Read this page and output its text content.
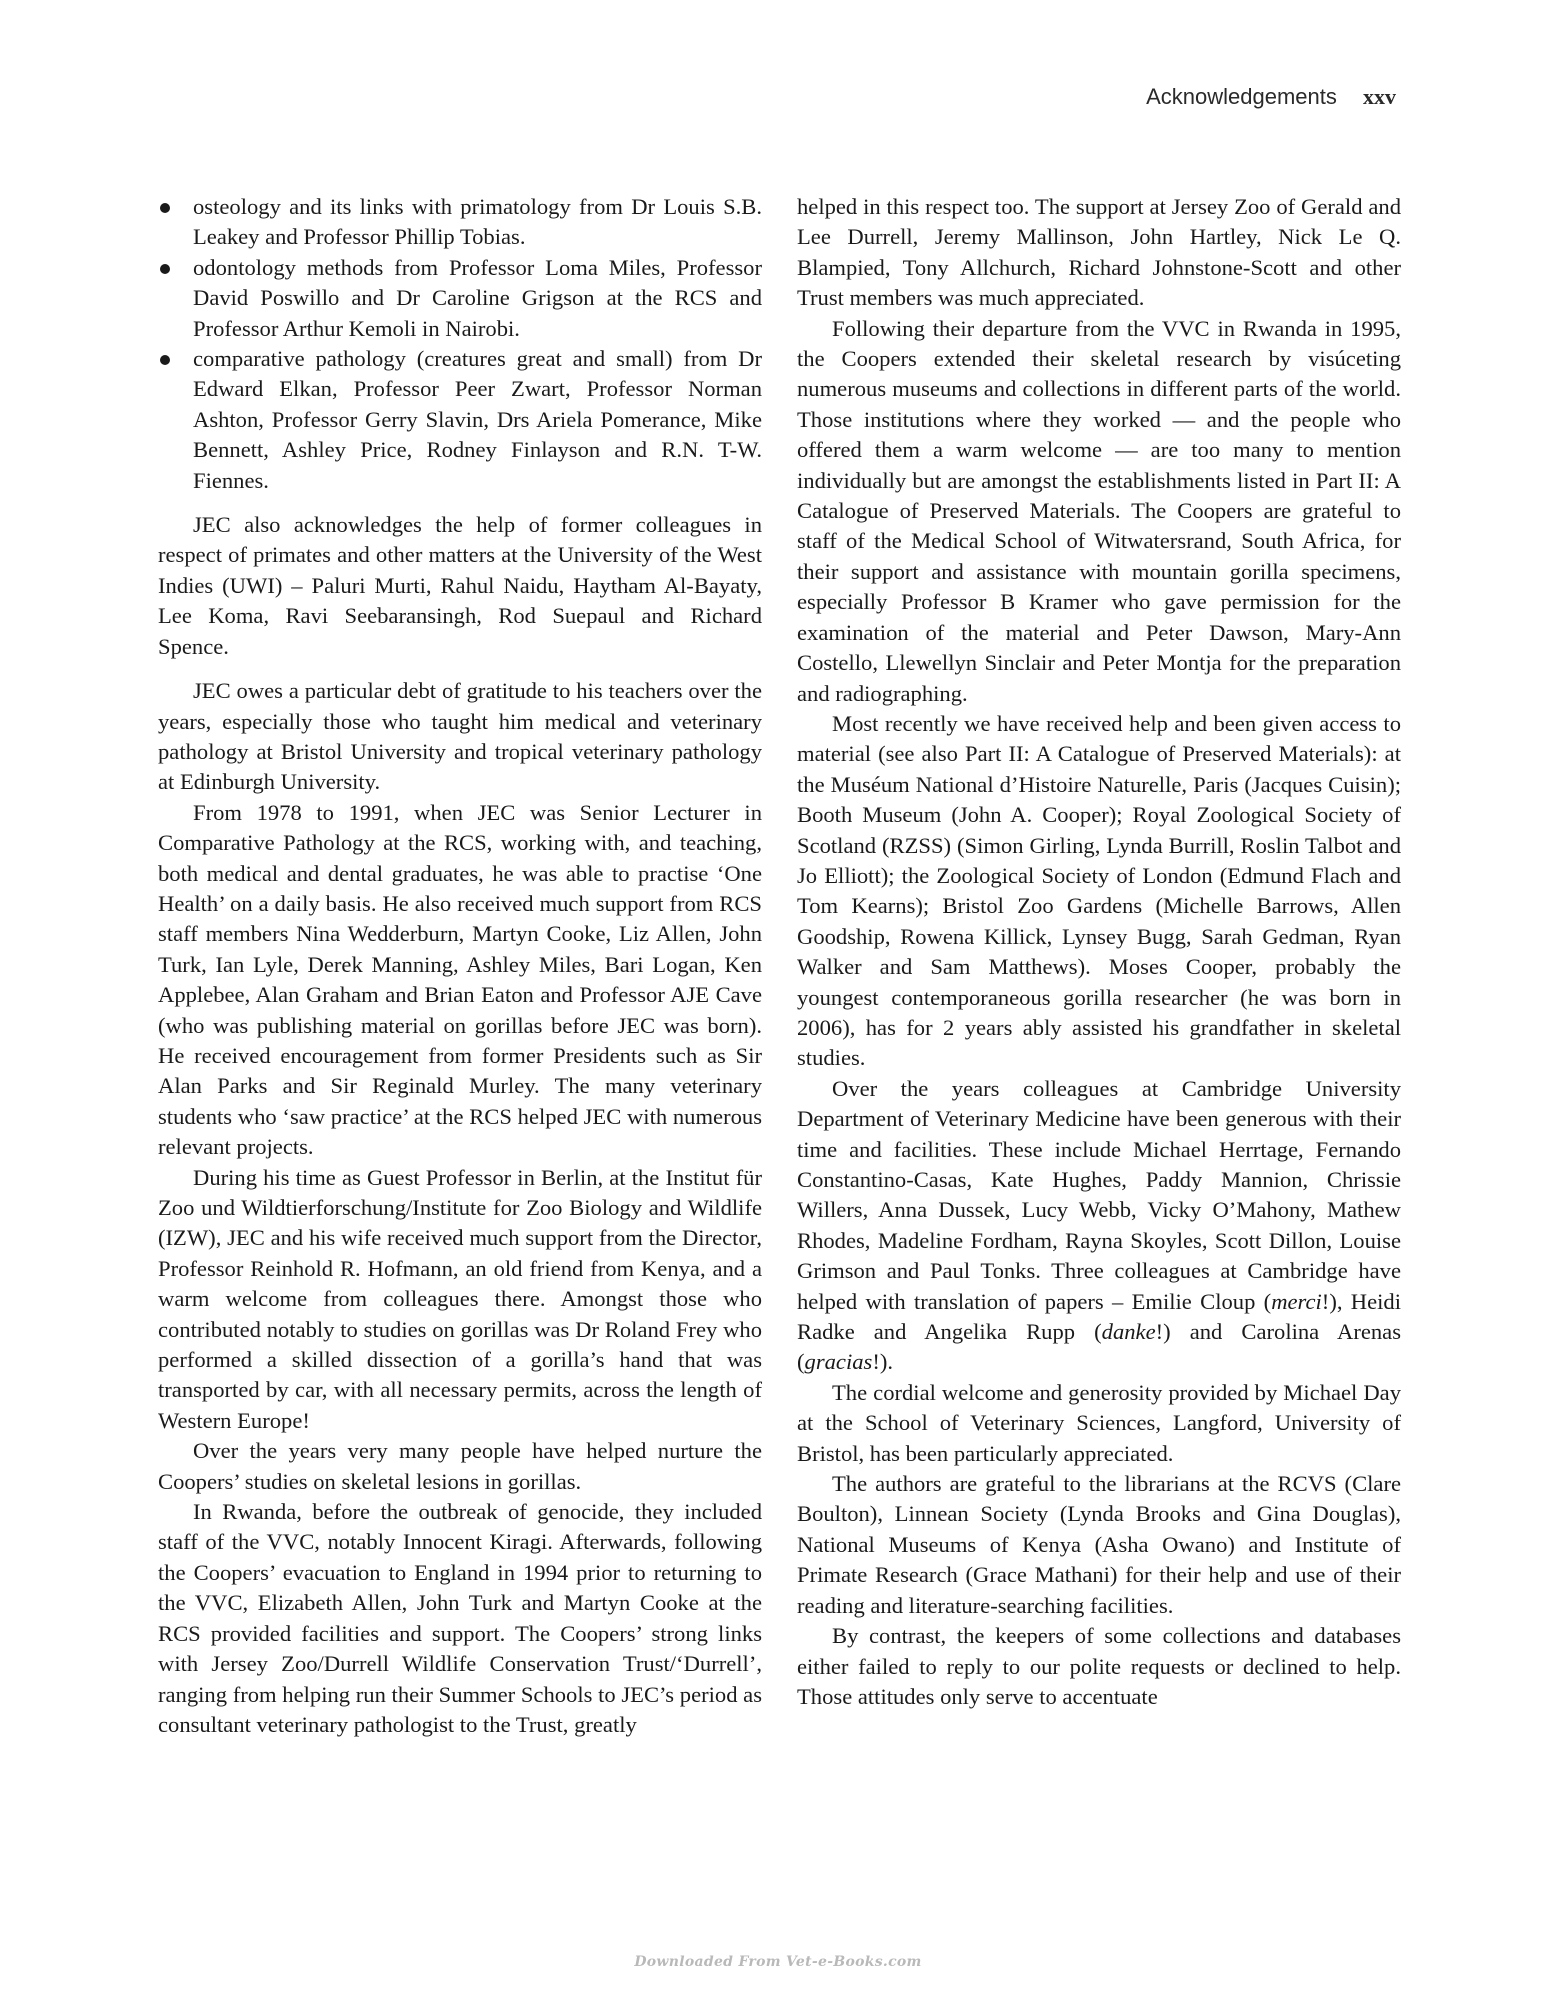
Acknowledgements xxv
osteology and its links with primatology from Dr Louis S.B. Leakey and Professor Phillip Tobias.
odontology methods from Professor Loma Miles, Professor David Poswillo and Dr Caroline Grigson at the RCS and Professor Arthur Kemoli in Nairobi.
comparative pathology (creatures great and small) from Dr Edward Elkan, Professor Peer Zwart, Professor Norman Ashton, Professor Gerry Slavin, Drs Ariela Pomerance, Mike Bennett, Ashley Price, Rodney Finlayson and R.N. T-W. Fiennes.

JEC also acknowledges the help of former colleagues in respect of primates and other matters at the University of the West Indies (UWI) – Paluri Murti, Rahul Naidu, Haytham Al-Bayaty, Lee Koma, Ravi Seebaransingh, Rod Suepaul and Richard Spence.

JEC owes a particular debt of gratitude to his teachers over the years, especially those who taught him medical and veterinary pathology at Bristol University and tropical veterinary pathology at Edinburgh University.

From 1978 to 1991, when JEC was Senior Lecturer in Comparative Pathology at the RCS, working with, and teaching, both medical and dental graduates, he was able to practise ‘One Health’ on a daily basis. He also received much support from RCS staff members Nina Wedderburn, Martyn Cooke, Liz Allen, John Turk, Ian Lyle, Derek Manning, Ashley Miles, Bari Logan, Ken Applebee, Alan Graham and Brian Eaton and Professor AJE Cave (who was publishing material on gorillas before JEC was born). He received encouragement from former Presidents such as Sir Alan Parks and Sir Reginald Murley. The many veterinary students who ‘saw practice’ at the RCS helped JEC with numerous relevant projects.

During his time as Guest Professor in Berlin, at the Institut für Zoo und Wildtierforschung/Institute for Zoo Biology and Wildlife (IZW), JEC and his wife received much support from the Director, Professor Reinhold R. Hofmann, an old friend from Kenya, and a warm welcome from colleagues there. Amongst those who contributed notably to studies on gorillas was Dr Roland Frey who performed a skilled dissection of a gorilla’s hand that was transported by car, with all necessary permits, across the length of Western Europe!

Over the years very many people have helped nurture the Coopers’ studies on skeletal lesions in gorillas.

In Rwanda, before the outbreak of genocide, they included staff of the VVC, notably Innocent Kiragi. Afterwards, following the Coopers’ evacuation to England in 1994 prior to returning to the VVC, Elizabeth Allen, John Turk and Martyn Cooke at the RCS provided facilities and support. The Coopers’ strong links with Jersey Zoo/Durrell Wildlife Conservation Trust/‘Durrell’, ranging from helping run their Summer Schools to JEC’s period as consultant veterinary pathologist to the Trust, greatly

helped in this respect too. The support at Jersey Zoo of Gerald and Lee Durrell, Jeremy Mallinson, John Hartley, Nick Le Q. Blampied, Tony Allchurch, Richard Johnstone-Scott and other Trust members was much appreciated.

Following their departure from the VVC in Rwanda in 1995, the Coopers extended their skeletal research by visúceting numerous museums and collections in different parts of the world. Those institutions where they worked — and the people who offered them a warm welcome — are too many to mention individually but are amongst the establishments listed in Part II: A Catalogue of Preserved Materials. The Coopers are grateful to staff of the Medical School of Witwatersrand, South Africa, for their support and assistance with mountain gorilla specimens, especially Professor B Kramer who gave permission for the examination of the material and Peter Dawson, Mary-Ann Costello, Llewellyn Sinclair and Peter Montja for the preparation and radiographing.

Most recently we have received help and been given access to material (see also Part II: A Catalogue of Preserved Materials): at the Muséum National d’Histoire Naturelle, Paris (Jacques Cuisin); Booth Museum (John A. Cooper); Royal Zoological Society of Scotland (RZSS) (Simon Girling, Lynda Burrill, Roslin Talbot and Jo Elliott); the Zoological Society of London (Edmund Flach and Tom Kearns); Bristol Zoo Gardens (Michelle Barrows, Allen Goodship, Rowena Killick, Lynsey Bugg, Sarah Gedman, Ryan Walker and Sam Matthews). Moses Cooper, probably the youngest contemporaneous gorilla researcher (he was born in 2006), has for 2 years ably assisted his grandfather in skeletal studies.

Over the years colleagues at Cambridge University Department of Veterinary Medicine have been generous with their time and facilities. These include Michael Herrtage, Fernando Constantino-Casas, Kate Hughes, Paddy Mannion, Chrissie Willers, Anna Dussek, Lucy Webb, Vicky O’Mahony, Mathew Rhodes, Madeline Fordham, Rayna Skoyles, Scott Dillon, Louise Grimson and Paul Tonks. Three colleagues at Cambridge have helped with translation of papers – Emilie Cloup (merci!), Heidi Radke and Angelika Rupp (danke!) and Carolina Arenas (gracias!).

The cordial welcome and generosity provided by Michael Day at the School of Veterinary Sciences, Langford, University of Bristol, has been particularly appreciated.

The authors are grateful to the librarians at the RCVS (Clare Boulton), Linnean Society (Lynda Brooks and Gina Douglas), National Museums of Kenya (Asha Owano) and Institute of Primate Research (Grace Mathani) for their help and use of their reading and literature-searching facilities.

By contrast, the keepers of some collections and databases either failed to reply to our polite requests or declined to help. Those attitudes only serve to accentuate

Downloaded From Vet-e-Books.com
